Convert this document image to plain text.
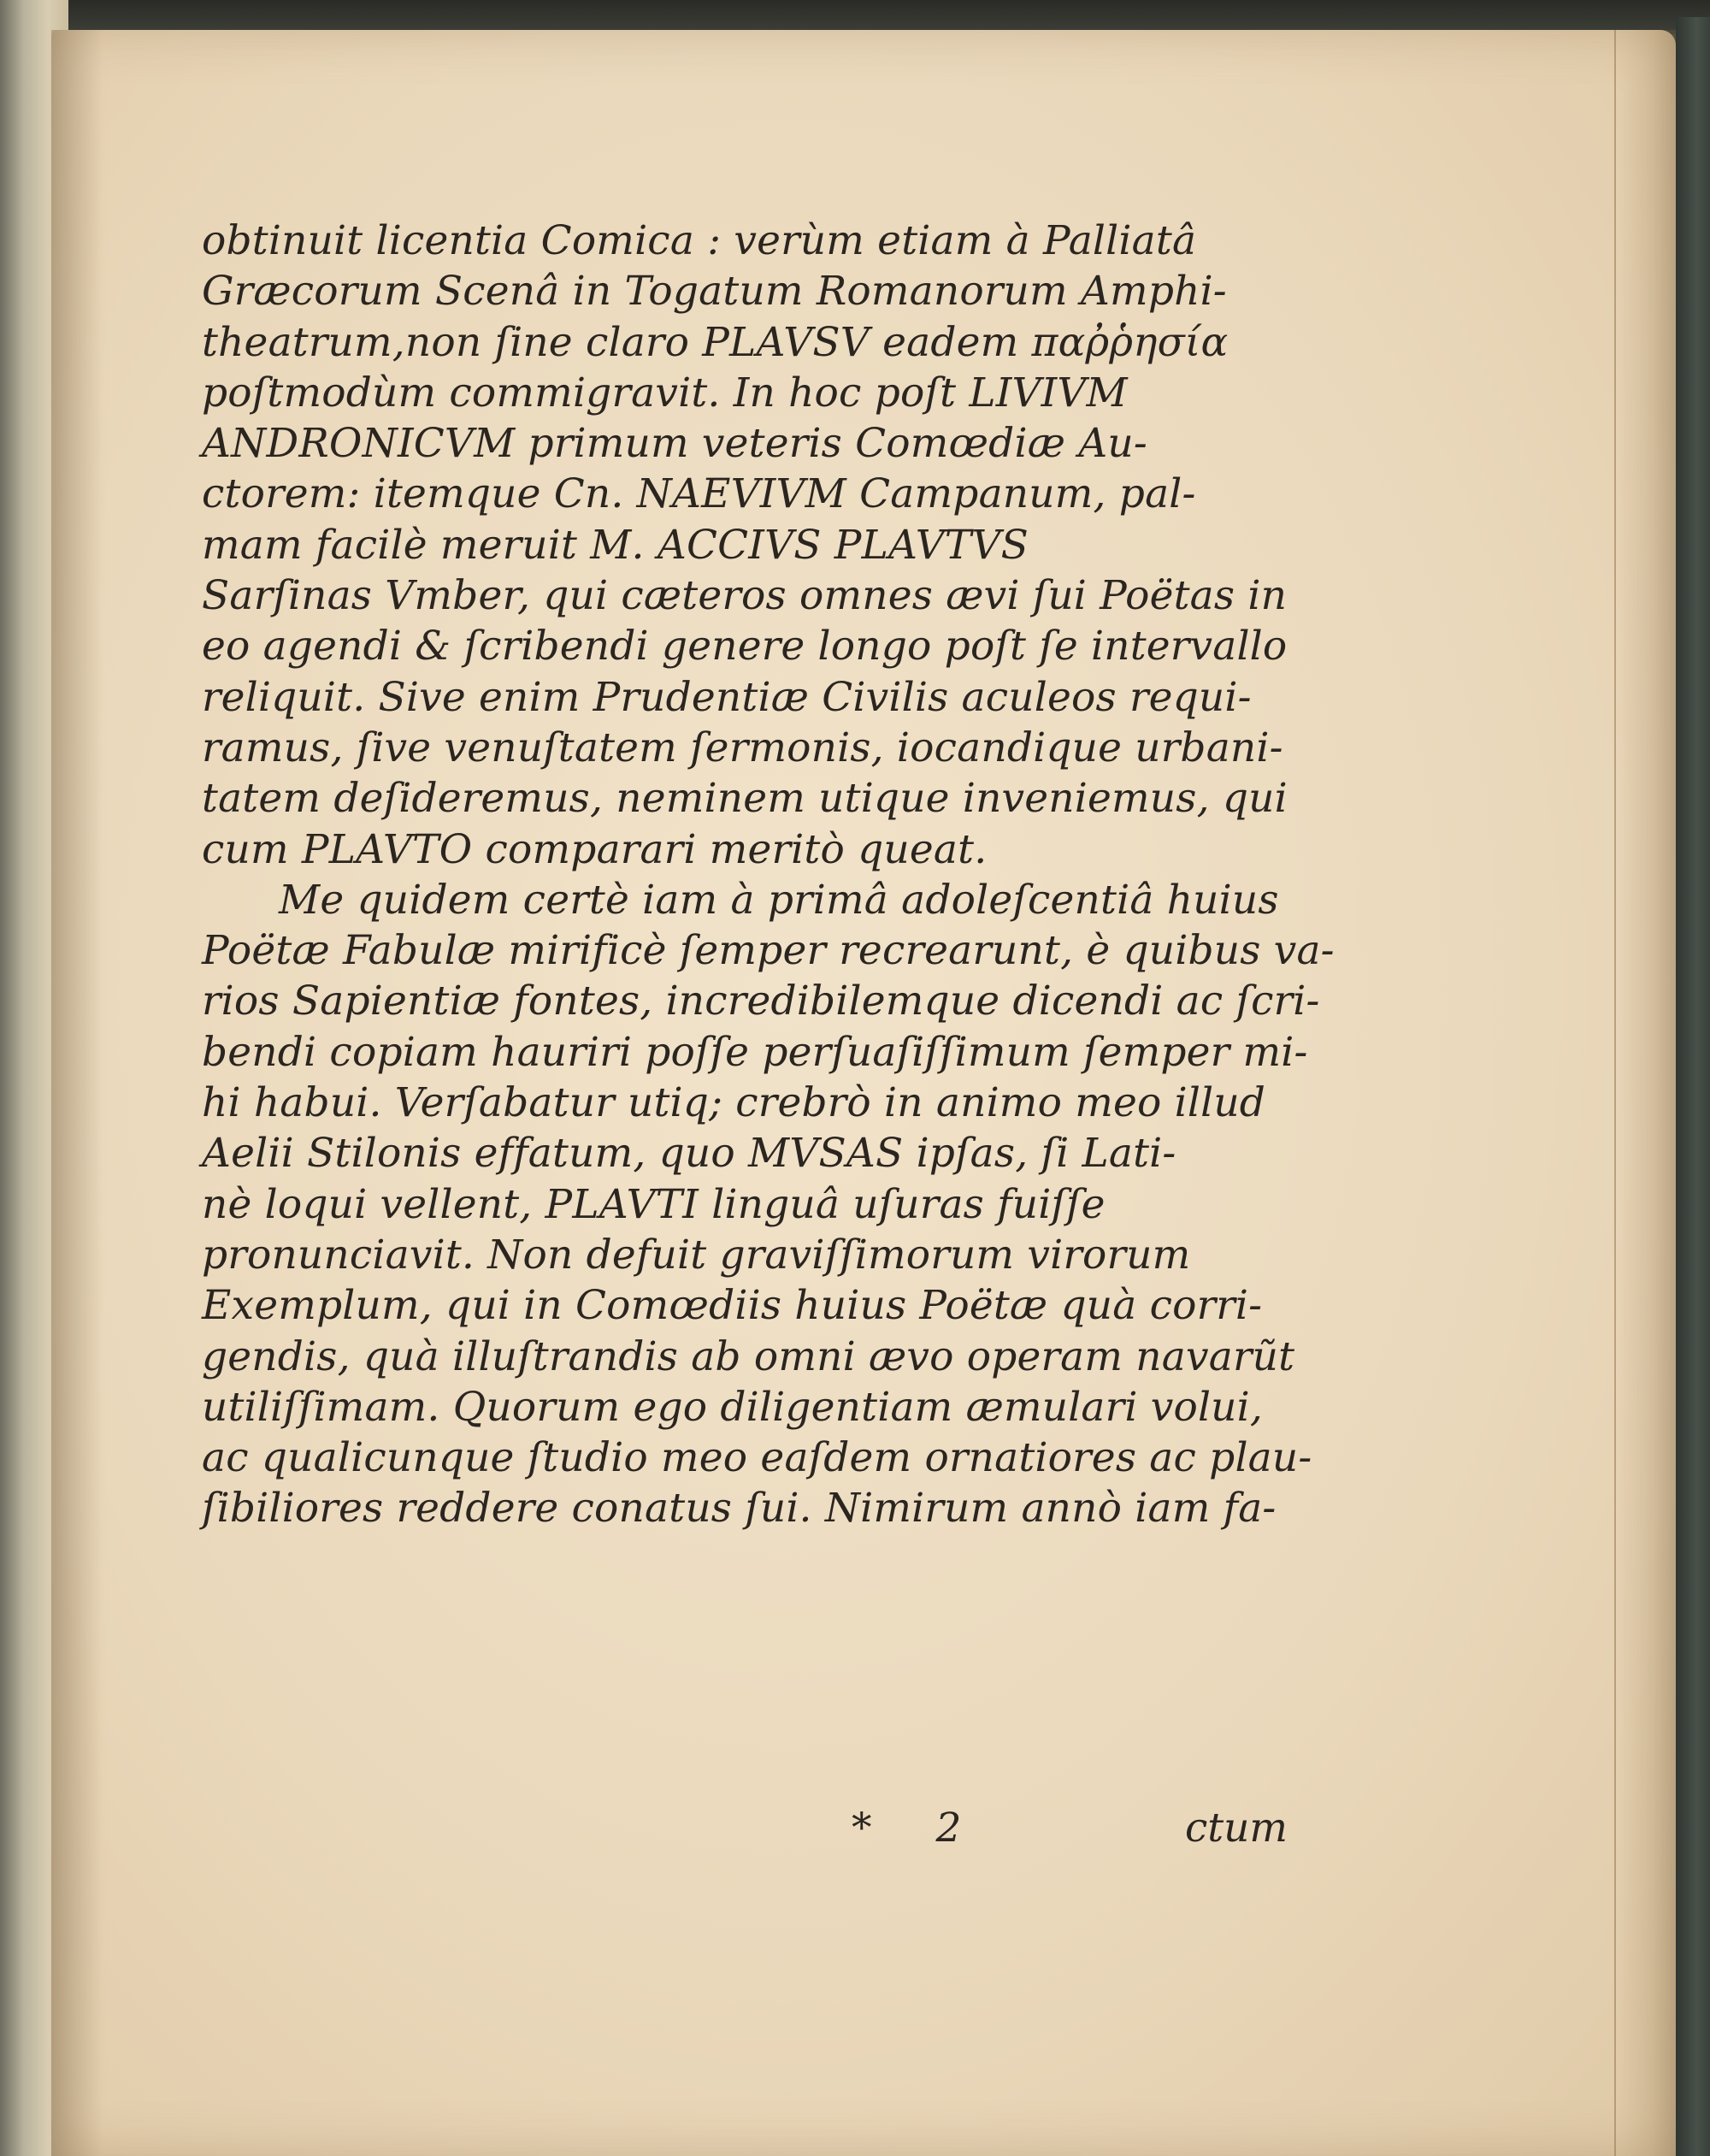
obtinuit licentia Comica : verùm etiam à Palliatâ
Græcorum Scenâ in Togatum Romanorum Amphi-
theatrum,non ſine claro PLAVSV eadem παῤῥησία
poſtmodùm commigravit. In hoc poſt LIVIVM
ANDRONICVM primum veteris Comœdiæ Au-
ctorem: itemque Cn. NAEVIVM Campanum, pal-
mam facilè meruit M. ACCIVS PLAVTVS
Sarſinas Vmber, qui cæteros omnes ævi ſui Poëtas in
eo agendi & ſcribendi genere longo poſt ſe intervallo
reliquit. Sive enim Prudentiæ Civilis aculeos requi-
ramus, ſive venuſtatem ſermonis, iocandique urbani-
tatem deſideremus, neminem utique inveniemus, qui
cum PLAVTO comparari meritò queat.
Me quidem certè iam à primâ adoleſcentiâ huius
Poëtæ Fabulæ mirificè ſemper recrearunt, è quibus va-
rios Sapientiæ fontes, incredibilemque dicendi ac ſcri-
bendi copiam hauriri poſſe perſuaſiſſimum ſemper mi-
hi habui. Verſabatur utiq; crebrò in animo meo illud
Aelii Stilonis effatum, quo MVSAS ipſas, ſi Lati-
nè loqui vellent, PLAVTI linguâ uſuras fuiſſe
pronunciavit. Non defuit graviſſimorum virorum
Exemplum, qui in Comœdiis huius Poëtæ quà corri-
gendis, quà illuſtrandis ab omni ævo operam navarũt
utiliſſimam. Quorum ego diligentiam æmulari volui,
ac qualicunque ſtudio meo eaſdem ornatiores ac plau-
ſibiliores reddere conatus ſui. Nimirum annò iam fa-
* 2	ctum
